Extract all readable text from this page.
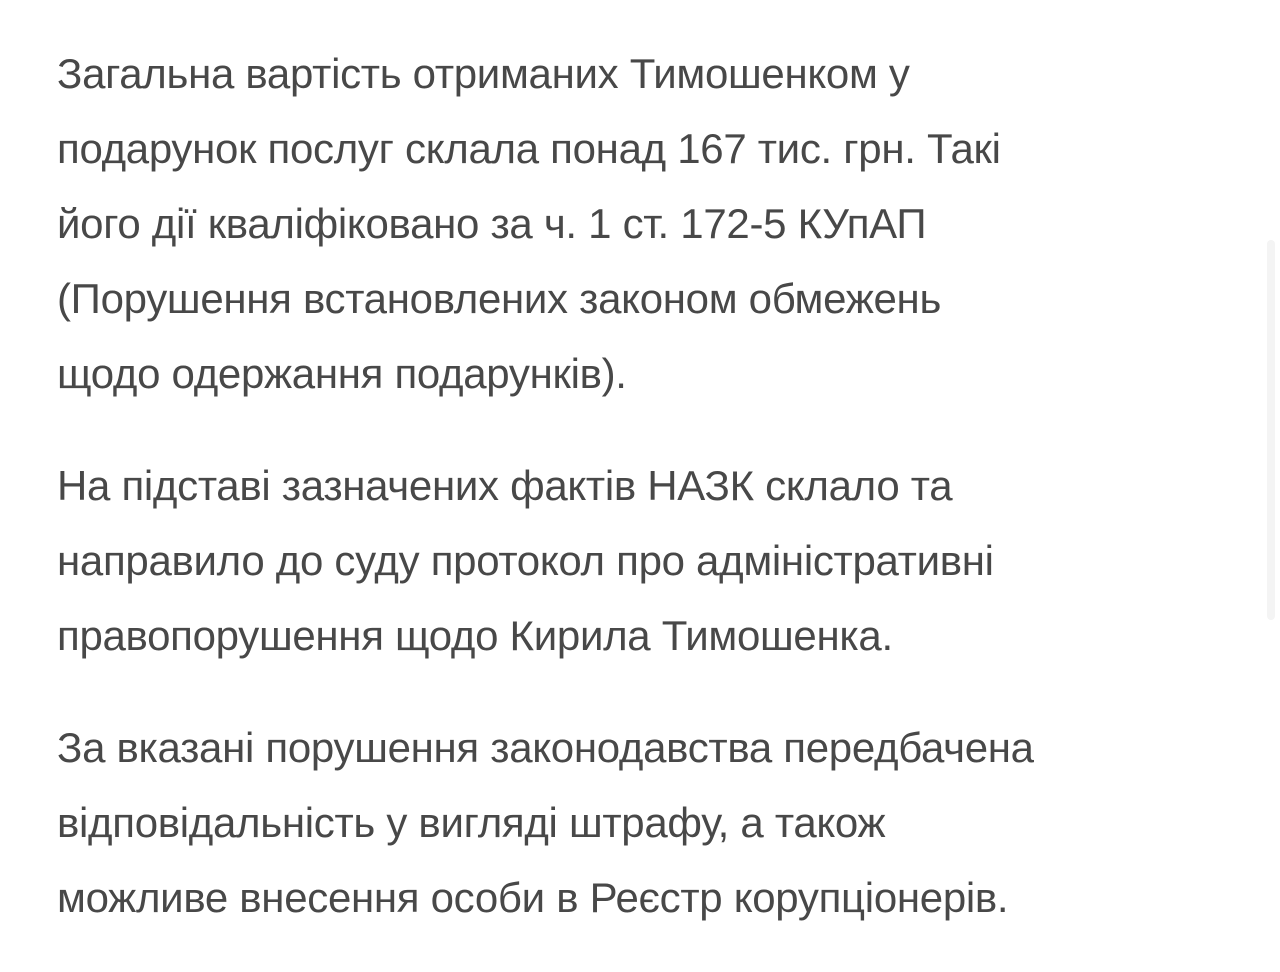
Загальна вартість отриманих Тимошенком у
подарунок послуг склала понад 167 тис. грн. Такі
його дії кваліфіковано за ч. 1 ст. 172-5 КУпАП
(Порушення встановлених законом обмежень
щодо одержання подарунків).
На підставі зазначених фактів НАЗК склало та
направило до суду протокол про адміністративні
правопорушення щодо Кирила Тимошенка.
За вказані порушення законодавства передбачена
відповідальність у вигляді штрафу, а також
можливе внесення особи в Реєстр корупціонерів.
